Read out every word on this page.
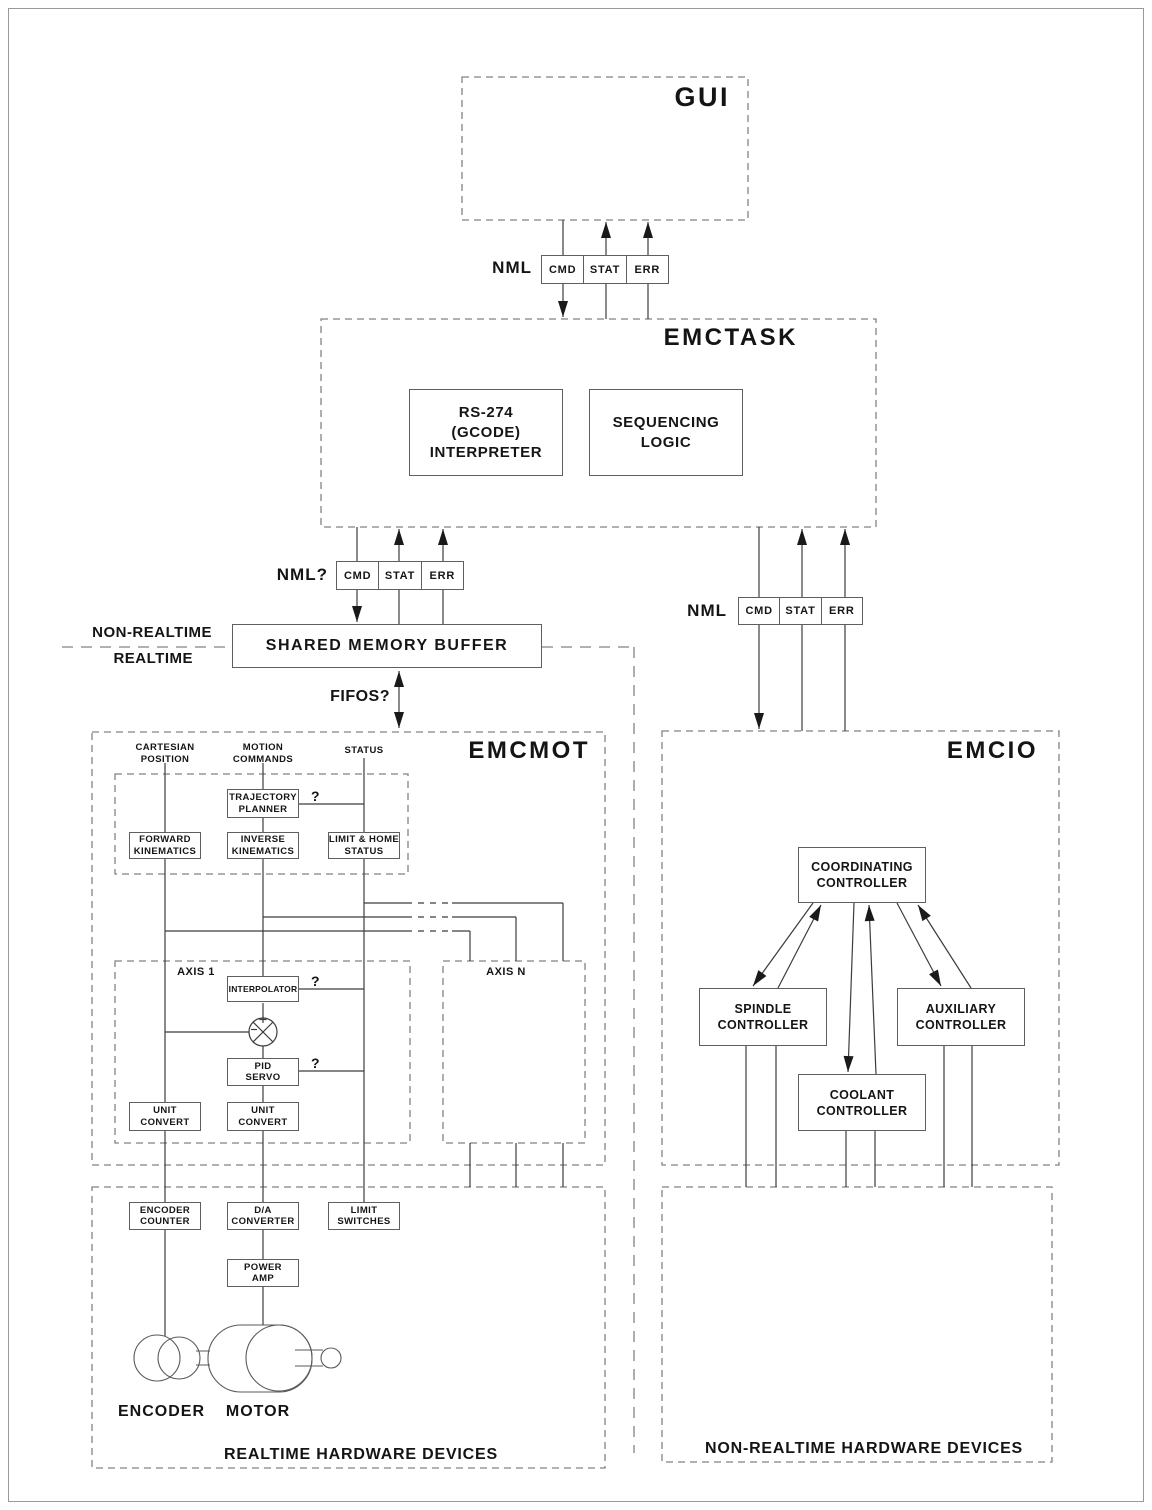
GUI
EMCTASK
EMCMOT	EMCIO
NML
NML?
NML
NON-REALTIME
REALTIME
FIFOS?
CARTESIAN
POSITION
MOTION
COMMANDS
STATUS
AXIS 1	AXIS N
?
?
?
ENCODER MOTOR
REALTIME HARDWARE DEVICES	NON-REALTIME HARDWARE DEVICES
CMD	STAT	ERR
CMD	STAT	ERR
CMD	STAT	ERR
RS-274
(GCODE)
INTERPRETER
SEQUENCING
LOGIC
SHARED MEMORY BUFFER
TRAJECTORY
PLANNER
FORWARD
KINEMATICS
INVERSE
KINEMATICS
LIMIT & HOME
STATUS
INTERPOLATOR
PID
SERVO
UNIT
CONVERT
UNIT
CONVERT
ENCODER
COUNTER
D/A
CONVERTER
LIMIT
SWITCHES
POWER
AMP
COORDINATING
CONTROLLER
SPINDLE
CONTROLLER
AUXILIARY
CONTROLLER
COOLANT
CONTROLLER
